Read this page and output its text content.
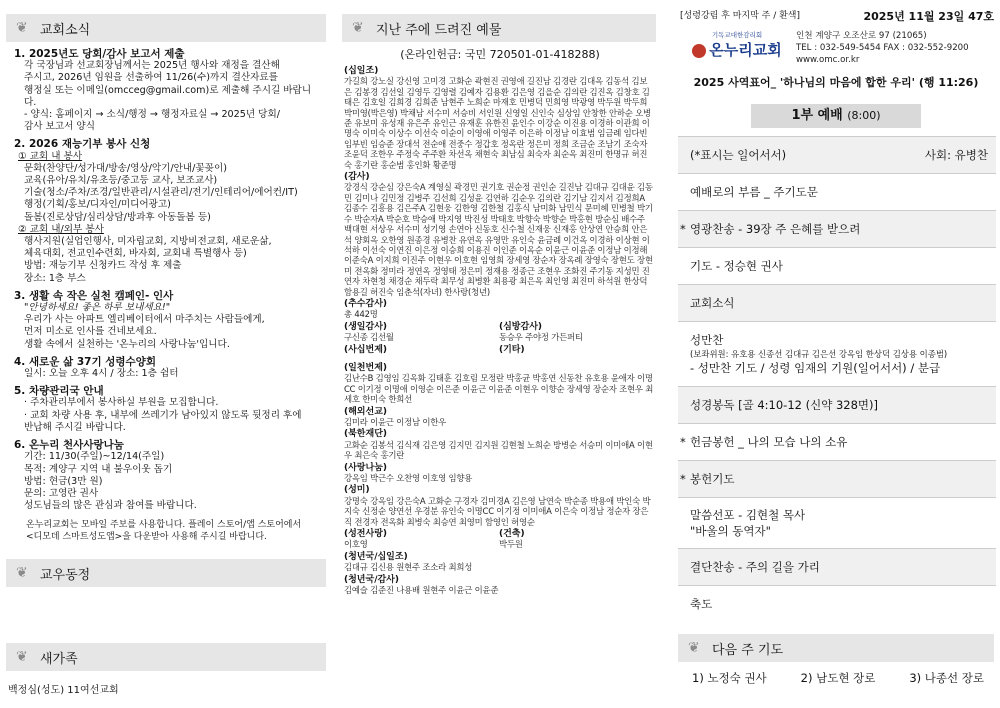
❦ 교회소식
1. 2025년도 당회/감사 보고서 제출
각 국장님과 선교회장님께서는 2025년 행사와 재정을 결산해
주시고, 2026년 임원을 선출하여 11/26(수)까지 결산자료를
행정실 또는 이메일(omcceg@gmail.com)로 제출해 주시길 바랍니다.
- 양식: 홈페이지 → 소식/행정 → 행정자료실 → 2025년 당회/
감사 보고서 양식
2. 2026 재능기부 봉사 신청
① 교회 내 봉사
문화(찬양단/성가대/방송/영상/악기/안내/꽃꽂이)
교육(유아/유치/유초등/중고등 교사, 보조교사)
기술(청소/주차/조경/일반관리/시설관리/전기/인테리어/에어컨/IT)
행정(기획/홍보/디자인/미디어광고)
돌봄(진로상담/심리상담/방과후 아동돌봄 등)
② 교회 내/외부 봉사
행사지원(실업인행사, 미자립교회, 지방비전교회, 새로운삶,
체육대회, 전교인수련회, 바자회, 교회내 특별행사 등)
방법: 재능기부 신청카드 작성 후 제출
장소: 1층 부스
3. 생활 속 작은 실천 캠페인- 인사
"안녕하세요! 좋은 하루 보내세요!"
우리가 사는 아파트 엘리베이터에서 마주치는 사람들에게,
먼저 미소로 인사를 건네보세요.
생활 속에서 실천하는 '온누리의 사랑나눔'입니다.
4. 새로운 삶 37기 성령수양회
일시: 오늘 오후 4시 / 장소: 1층 쉼터
5. 차량관리국 안내
· 주차관리부에서 봉사하실 부원을 모집합니다.
· 교회 차량 사용 후, 내부에 쓰레기가 남아있지 않도록 뒷정리 후에
반납해 주시길 바랍니다.
6. 온누리 천사사랑나눔
기간: 11/30(주일)~12/14(주일)
목적: 계양구 지역 내 불우이웃 돕기
방법: 현금(3만 원)
문의: 고영란 권사
성도님들의 많은 관심과 참여를 바랍니다.
온누리교회는 모바일 주보를 사용합니다. 플레이 스토어/앱 스토어에서
<디모데 스마트성도앱>을 다운받아 사용해 주시길 바랍니다.
❦ 교우동정
❦ 새가족
백정심(성도) 11여선교회
❦ 지난 주에 드려진 예물
(온라인헌금: 국민 720501-01-418288)
(십일조)
가길희 강노실 강신영 고미경 고화순 곽현진 권영애 길진남 김경란 김대옥 김동석 김보은 김봉경 김선일 김영두 김영렬 김예자 김용환 김은영 김을순 김의란 김진옥 김창호 김태은 김호일 김희경 김희준 남현주 노희순 마재호 민병덕 민희영 박광영 박두원 박두희 박미영(박은영) 박채남 서수미 서승비 서인원 신영일 신인숙 심상임 안창한 안하순 오병준 유보미 유성재 유은주 유인근 유재훈 유한진 윤인수 이강순 이진용 이경하 이관희 이명숙 이미숙 이상수 이선숙 이순이 이영애 이영주 이은하 이정남 이효범 임금례 임다빈 임부빈 임승준 장대석 전순애 전중수 정갑호 정옥란 정은미 정희 조금순 조남기 조숙자 조윤덕 조한우 주정숙 주주환 차선옥 채현숙 최남심 최숙자 최순옥 최진미 한명규 허진숙 홍기란 홍순범 홍인화 황준명
(감사)
강경식 강순심 강은숙A 계영실 곽경민 권기호 권순정 권인순 길진남 김대규 김대윤 김동민 김미나 김민정 김병주 김선희 김성윤 김연하 김순우 김의란 김기남 김지서 김정희A 김종수 김흥용 김은주A 김현웅 김한영 김한철 김홍식 남미화 남민식 문미혜 민병철 박기수 박순자A 박순호 박승애 박지영 박진성 박태호 박향숙 박향순 박홍현 방순심 배수주 백대현 서상우 서수미 성기영 손연아 신동호 신수철 신재웅 신재홍 안상연 안승희 안은석 양회옥 오한영 원종경 유병찬 유연옥 유영만 유인숙 윤금례 이건옥 이경하 이상현 이석하 이선숙 이연진 이은정 이승희 이용진 이인준 이옥순 이윤근 이윤준 이정남 이정해 이준숙A 이지희 이진주 이현우 이호현 임영희 장세영 장순자 장옥례 장영숙 장현도 장현미 전옥화 정미라 정연옥 정영태 정은미 정재용 정종근 조현우 조화진 주기동 지성민 진연자 차현청 채경순 채두락 최무성 최병환 최용광 최은옥 최인영 최진미 하석원 한상덕 함용길 허진숙 임춘석(자녀) 한사랑(청년)
(추수감사)
총 442명
(생일감사)
구신종 김선월
(심방감사)
동승우 주야정 가든퍼티
(사십번제)	(기타)
(일천번제)
김난수B 김영임 김옥화 김태훈 김호림 모정란 박홍균 박홍연 신동찬 유호용 윤애자 이명CC 이기정 이명애 이영순 이은준 이윤근 이윤준 이현우 이향순 장세영 장순자 조현우 최세호 한미숙 한희선
(해외선교)
김미라 이윤근 이정남 이한우
(북한재단)
고화순 김봉석 김식재 김은영 김지민 김지원 김현철 노희순 방병순 서승미 이미애A 이현우 최은숙 홍기란
(사랑나눔)
강옥임 박근수 오찬영 이호영 임향용
(성미)
강명숙 강옥임 강은숙A 고화순 구경자 김미경A 김은영 남연숙 박순종 박용애 박인숙 박지숙 신정순 양연선 우경분 유인숙 이명CC 이기정 이미애A 이은숙 이정남 정순자 장은직 전경자 전옥화 최병숙 최승연 최영미 함영인 허영순
(성전사랑)
이호영
(건축)
박두원
(청년국/십일조)
김대규 김신용 원현주 조소라 최희성
(청년국/감사)
김예슬 김준진 나용배 원현주 이윤근 이윤준
[성령강림 후 마지막 주 / 환색]	2025년 11월 23일 47호
기독교대한감리회
온누리교회
인천 계양구 오조산로 97 (21065)
TEL : 032-549-5454 FAX : 032-552-9200
www.omc.or.kr
2025 사역표어_ '하나님의 마음에 합한 우리' (행 11:26)
1부 예배 (8:00)
(*표시는 일어서서)	사회: 유병찬
예배로의 부름 _ 주기도문
* 영광찬송 - 39장 주 은혜를 받으려
기도 - 정승현 권사
교회소식
성만찬
(보좌위원: 유호용 신종선 김대규 김은선 강옥임 한상덕 김상용 이종범)
- 성만찬 기도 / 성령 임재의 기원(일어서서) / 분급
성경봉독 [골 4:10-12 (신약 328면)]
* 헌금봉헌 _ 나의 모습 나의 소유
* 봉헌기도
말씀선포 - 김현철 목사
"바울의 동역자"
결단찬송 - 주의 길을 가리
축도
❦ 다음 주 기도
1) 노정숙 권사	2) 남도현 장로	3) 나종선 장로
